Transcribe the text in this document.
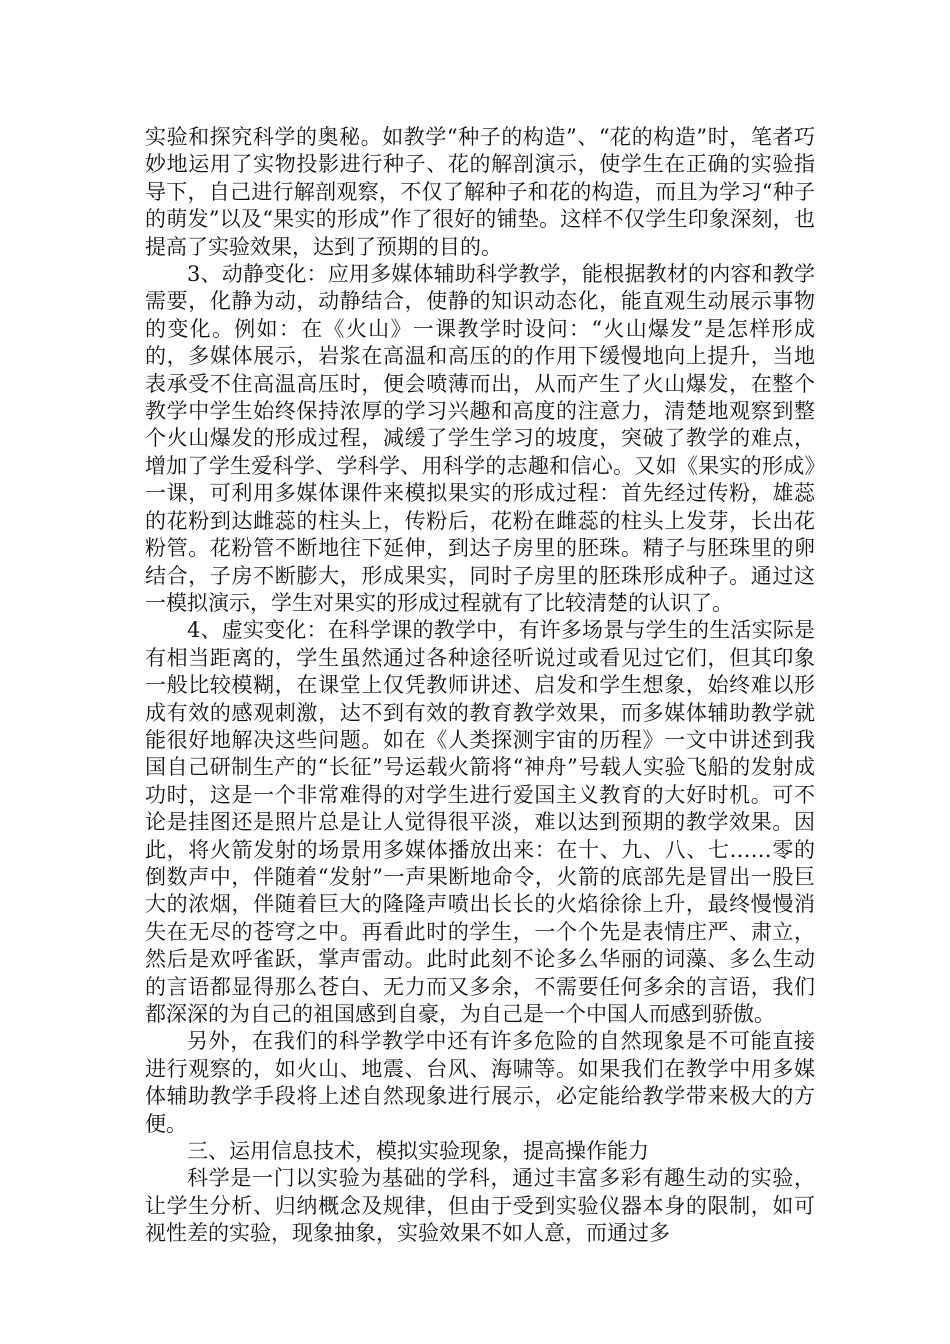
实验和探究科学的奥秘。如教学“种子的构造”、“花的构造”时，笔者巧妙地运用了实物投影进行种子、花的解剖演示，使学生在正确的实验指导下，自己进行解剖观察，不仅了解种子和花的构造，而且为学习“种子的萌发”以及“果实的形成”作了很好的铺垫。这样不仅学生印象深刻，也提高了实验效果，达到了预期的目的。

3、动静变化：应用多媒体辅助科学教学，能根据教材的内容和教学需要，化静为动，动静结合，使静的知识动态化，能直观生动展示事物的变化。例如：在《火山》一课教学时设问：“火山爆发”是怎样形成的，多媒体展示，岩浆在高温和高压的的作用下缓慢地向上提升，当地表承受不住高温高压时，便会喷薄而出，从而产生了火山爆发，在整个教学中学生始终保持浓厚的学习兴趣和高度的注意力，清楚地观察到整个火山爆发的形成过程，减缓了学生学习的坡度，突破了教学的难点，增加了学生爱科学、学科学、用科学的志趣和信心。又如《果实的形成》一课，可利用多媒体课件来模拟果实的形成过程：首先经过传粉，雄蕊的花粉到达雌蕊的柱头上，传粉后，花粉在雌蕊的柱头上发芽，长出花粉管。花粉管不断地往下延伸，到达子房里的胚珠。精子与胚珠里的卵结合，子房不断膨大，形成果实，同时子房里的胚珠形成种子。通过这一模拟演示，学生对果实的形成过程就有了比较清楚的认识了。

4、虚实变化：在科学课的教学中，有许多场景与学生的生活实际是有相当距离的，学生虽然通过各种途径听说过或看见过它们，但其印象一般比较模糊，在课堂上仅凭教师讲述、启发和学生想象，始终难以形成有效的感观刺激，达不到有效的教育教学效果，而多媒体辅助教学就能很好地解决这些问题。如在《人类探测宇宙的历程》一文中讲述到我国自己研制生产的“长征”号运载火箭将“神舟”号载人实验飞船的发射成功时，这是一个非常难得的对学生进行爱国主义教育的大好时机。可不论是挂图还是照片总是让人觉得很平淡，难以达到预期的教学效果。因此，将火箭发射的场景用多媒体播放出来：在十、九、八、七……零的倒数声中，伴随着“发射”一声果断地命令，火箭的底部先是冒出一股巨大的浓烟，伴随着巨大的隆隆声喷出长长的火焰徐徐上升，最终慢慢消失在无尽的苍穹之中。再看此时的学生，一个个先是表情庄严、肃立，然后是欢呼雀跃，掌声雷动。此时此刻不论多么华丽的词藻、多么生动的言语都显得那么苍白、无力而又多余，不需要任何多余的言语，我们都深深的为自己的祖国感到自豪，为自己是一个中国人而感到骄傲。

另外，在我们的科学教学中还有许多危险的自然现象是不可能直接进行观察的，如火山、地震、台风、海啸等。如果我们在教学中用多媒体辅助教学手段将上述自然现象进行展示，必定能给教学带来极大的方便。

三、运用信息技术，模拟实验现象，提高操作能力

科学是一门以实验为基础的学科，通过丰富多彩有趣生动的实验，让学生分析、归纳概念及规律，但由于受到实验仪器本身的限制，如可视性差的实验，现象抽象，实验效果不如人意，而通过多
